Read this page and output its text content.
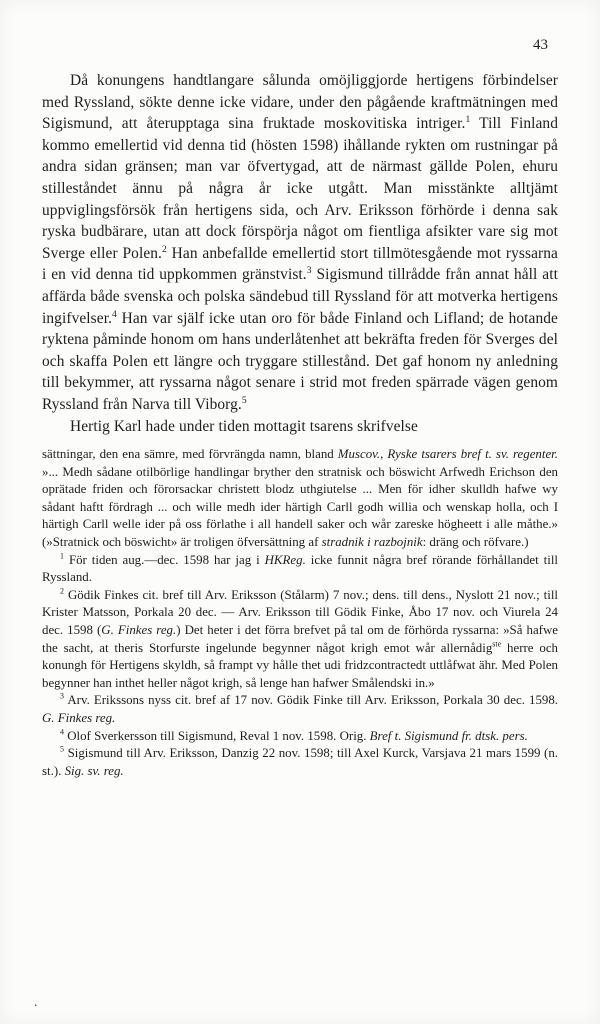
43

Då konungens handtlangare sålunda omöjliggjorde hertigens förbindelser med Ryssland, sökte denne icke vidare, under den pågående kraftmätningen med Sigismund, att återupptaga sina fruktade moskovitiska intriger.$^1$ Till Finland kommo emellertid vid denna tid (hösten 1598) ihållande rykten om rustningar på andra sidan gränsen; man var öfvertygad, att de närmast gällde Polen, ehuru stilleståndet ännu på några år icke utgått. Man misstänkte alltjämt uppviglingsförsök från hertigens sida, och Arv. Eriksson förhörde i denna sak ryska budbärare, utan att dock förspörja något om fientliga afsikter vare sig mot Sverge eller Polen.$^2$ Han anbefallde emellertid stort tillmötesgående mot ryssarna i en vid denna tid uppkommen gränstvist.$^3$ Sigismund tillrådde från annat håll att affärda både svenska och polska sändebud till Ryssland för att motverka hertigens ingifvelser.$^4$ Han var själf icke utan oro för både Finland och Lifland; de hotande ryktena påminde honom om hans underlåtenhet att bekräfta freden för Sverges del och skaffa Polen ett längre och tryggare stillestånd. Det gaf honom ny anledning till bekymmer, att ryssarna något senare i strid mot freden spärrade vägen genom Ryssland från Narva till Viborg.$^5$

Hertig Karl hade under tiden mottagit tsarens skrifvelse

sättningar, den ena sämre, med förvrängda namn, bland Muscov., Ryske tsarers bref t. sv. regenter. »... Medh sådane otilbörlige handlingar bryther den stratnisk och böswicht Arfwedh Erichson den oprätade friden och förorsackar christett blodz uthgiutelse ... Men för idher skulldh hafwe wy sådant haftt fördragh ... och wille medh ider härtigh Carll godh willia och wenskap holla, och I härtigh Carll welle ider på oss förlathe i all handell saker och wår zareske högheett i alle måthe.» (»Stratnick och böswicht» är troligen öfversättning af stradnik i razbojnik: dräng och röfvare.)

$^1$ För tiden aug.—dec. 1598 har jag i HKReg. icke funnit några bref rörande förhållandet till Ryssland.

$^2$ Gödik Finkes cit. bref till Arv. Eriksson (Stålarm) 7 nov.; dens. till dens., Nyslott 21 nov.; till Krister Matsson, Porkala 20 dec. — Arv. Eriksson till Gödik Finke, Åbo 17 nov. och Viurela 24 dec. 1598 (G. Finkes reg.) Det heter i det förra brefvet på tal om de förhörda ryssarna: »Så hafwe the sacht, at theris Storfurste ingelunde begynner något krigh emot wår allernådig$^{ste}$ herre och konungh för Hertigens skyldh, så frampt vy hålle thet udi fridzcontractedt uttlåfwat ähr. Med Polen begynner han inthet heller något krigh, så lenge han hafwer Smålendski in.»

$^3$ Arv. Erikssons nyss cit. bref af 17 nov. Gödik Finke till Arv. Eriksson, Porkala 30 dec. 1598. G. Finkes reg.

$^4$ Olof Sverkersson till Sigismund, Reval 1 nov. 1598. Orig. Bref t. Sigismund fr. dtsk. pers.

$^5$ Sigismund till Arv. Eriksson, Danzig 22 nov. 1598; till Axel Kurck, Varsjava 21 mars 1599 (n. st.). Sig. sv. reg.

.
